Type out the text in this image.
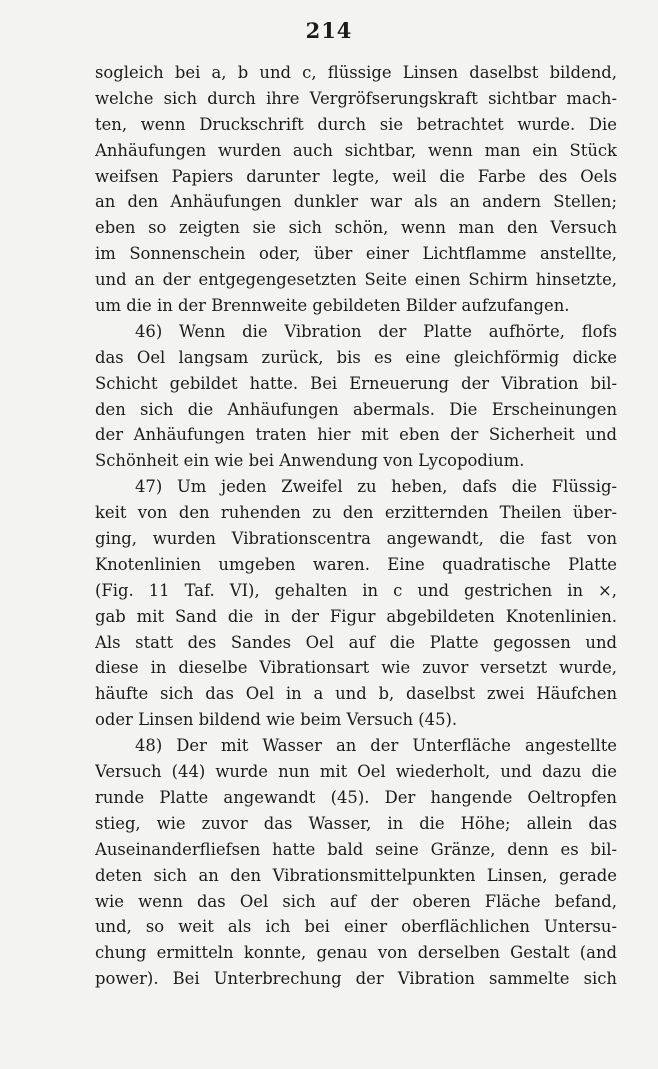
214
sogleich bei a, b und c, flüssige Linsen daselbst bildend,
welche sich durch ihre Vergröfserungskraft sichtbar mach-
ten, wenn Druckschrift durch sie betrachtet wurde. Die
Anhäufungen wurden auch sichtbar, wenn man ein Stück
weifsen Papiers darunter legte, weil die Farbe des Oels
an den Anhäufungen dunkler war als an andern Stellen;
eben so zeigten sie sich schön, wenn man den Versuch
im Sonnenschein oder, über einer Lichtflamme anstellte,
und an der entgegengesetzten Seite einen Schirm hinsetzte,
um die in der Brennweite gebildeten Bilder aufzufangen.
46) Wenn die Vibration der Platte aufhörte, flofs
das Oel langsam zurück, bis es eine gleichförmig dicke
Schicht gebildet hatte. Bei Erneuerung der Vibration bil-
den sich die Anhäufungen abermals. Die Erscheinungen
der Anhäufungen traten hier mit eben der Sicherheit und
Schönheit ein wie bei Anwendung von Lycopodium.
47) Um jeden Zweifel zu heben, dafs die Flüssig-
keit von den ruhenden zu den erzitternden Theilen über-
ging, wurden Vibrationscentra angewandt, die fast von
Knotenlinien umgeben waren. Eine quadratische Platte
(Fig. 11 Taf. VI), gehalten in c und gestrichen in ×,
gab mit Sand die in der Figur abgebildeten Knotenlinien.
Als statt des Sandes Oel auf die Platte gegossen und
diese in dieselbe Vibrationsart wie zuvor versetzt wurde,
häufte sich das Oel in a und b, daselbst zwei Häufchen
oder Linsen bildend wie beim Versuch (45).
48) Der mit Wasser an der Unterfläche angestellte
Versuch (44) wurde nun mit Oel wiederholt, und dazu die
runde Platte angewandt (45). Der hangende Oeltropfen
stieg, wie zuvor das Wasser, in die Höhe; allein das
Auseinanderfliefsen hatte bald seine Gränze, denn es bil-
deten sich an den Vibrationsmittelpunkten Linsen, gerade
wie wenn das Oel sich auf der oberen Fläche befand,
und, so weit als ich bei einer oberflächlichen Untersu-
chung ermitteln konnte, genau von derselben Gestalt (and
power). Bei Unterbrechung der Vibration sammelte sich
